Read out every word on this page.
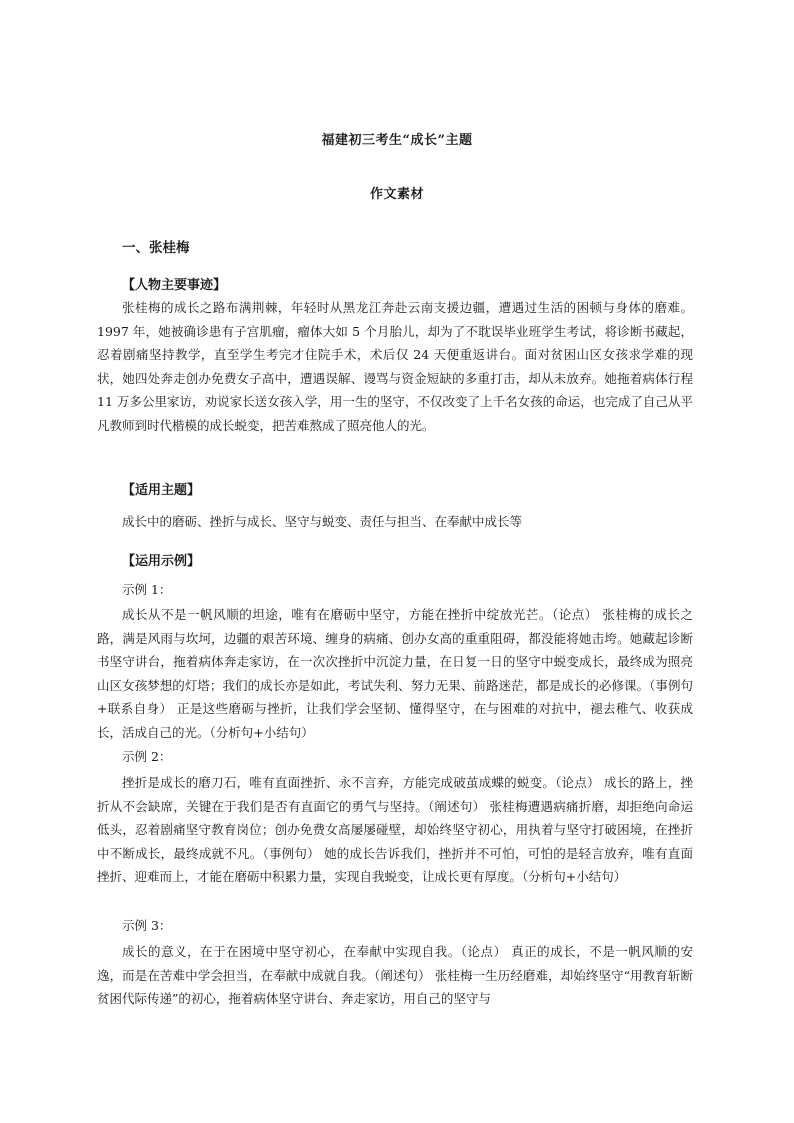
福建初三考生“成长”主题
作文素材
一、张桂梅
【人物主要事迹】

张桂梅的成长之路布满荆棘，年轻时从黑龙江奔赴云南支援边疆，遭遇过生活的困顿与身体的磨难。1997 年，她被确诊患有子宫肌瘤，瘤体大如 5 个月胎儿，却为了不耽误毕业班学生考试，将诊断书藏起，忍着剧痛坚持教学，直至学生考完才住院手术，术后仅 24 天便重返讲台。面对贫困山区女孩求学难的现状，她四处奔走创办免费女子高中，遭遇误解、谩骂与资金短缺的多重打击，却从未放弃。她拖着病体行程 11 万多公里家访，劝说家长送女孩入学，用一生的坚守，不仅改变了上千名女孩的命运，也完成了自己从平凡教师到时代楷模的成长蜕变，把苦难熬成了照亮他人的光。

【适用主题】
成长中的磨砺、挫折与成长、坚守与蜕变、责任与担当、在奉献中成长等
【运用示例】
示例 1：

成长从不是一帆风顺的坦途，唯有在磨砺中坚守，方能在挫折中绽放光芒。（论点） 张桂梅的成长之路，满是风雨与坎坷，边疆的艰苦环境、缠身的病痛、创办女高的重重阻碍，都没能将她击垮。她藏起诊断书坚守讲台，拖着病体奔走家访，在一次次挫折中沉淀力量，在日复一日的坚守中蜕变成长，最终成为照亮山区女孩梦想的灯塔；我们的成长亦是如此，考试失利、努力无果、前路迷茫，都是成长的必修课。（事例句+联系自身） 正是这些磨砺与挫折，让我们学会坚韧、懂得坚守，在与困难的对抗中，褪去稚气、收获成长，活成自己的光。（分析句+小结句）

示例 2：

挫折是成长的磨刀石，唯有直面挫折、永不言弃，方能完成破茧成蝶的蜕变。（论点） 成长的路上，挫折从不会缺席，关键在于我们是否有直面它的勇气与坚持。（阐述句） 张桂梅遭遇病痛折磨，却拒绝向命运低头，忍着剧痛坚守教育岗位；创办免费女高屡屡碰壁，却始终坚守初心，用执着与坚守打破困境，在挫折中不断成长，最终成就不凡。（事例句） 她的成长告诉我们，挫折并不可怕，可怕的是轻言放弃，唯有直面挫折、迎难而上，才能在磨砺中积累力量，实现自我蜕变，让成长更有厚度。（分析句+小结句）

示例 3：

成长的意义，在于在困境中坚守初心，在奉献中实现自我。（论点） 真正的成长，不是一帆风顺的安逸，而是在苦难中学会担当，在奉献中成就自我。（阐述句） 张桂梅一生历经磨难，却始终坚守“用教育斩断贫困代际传递”的初心，拖着病体坚守讲台、奔走家访，用自己的坚守与
